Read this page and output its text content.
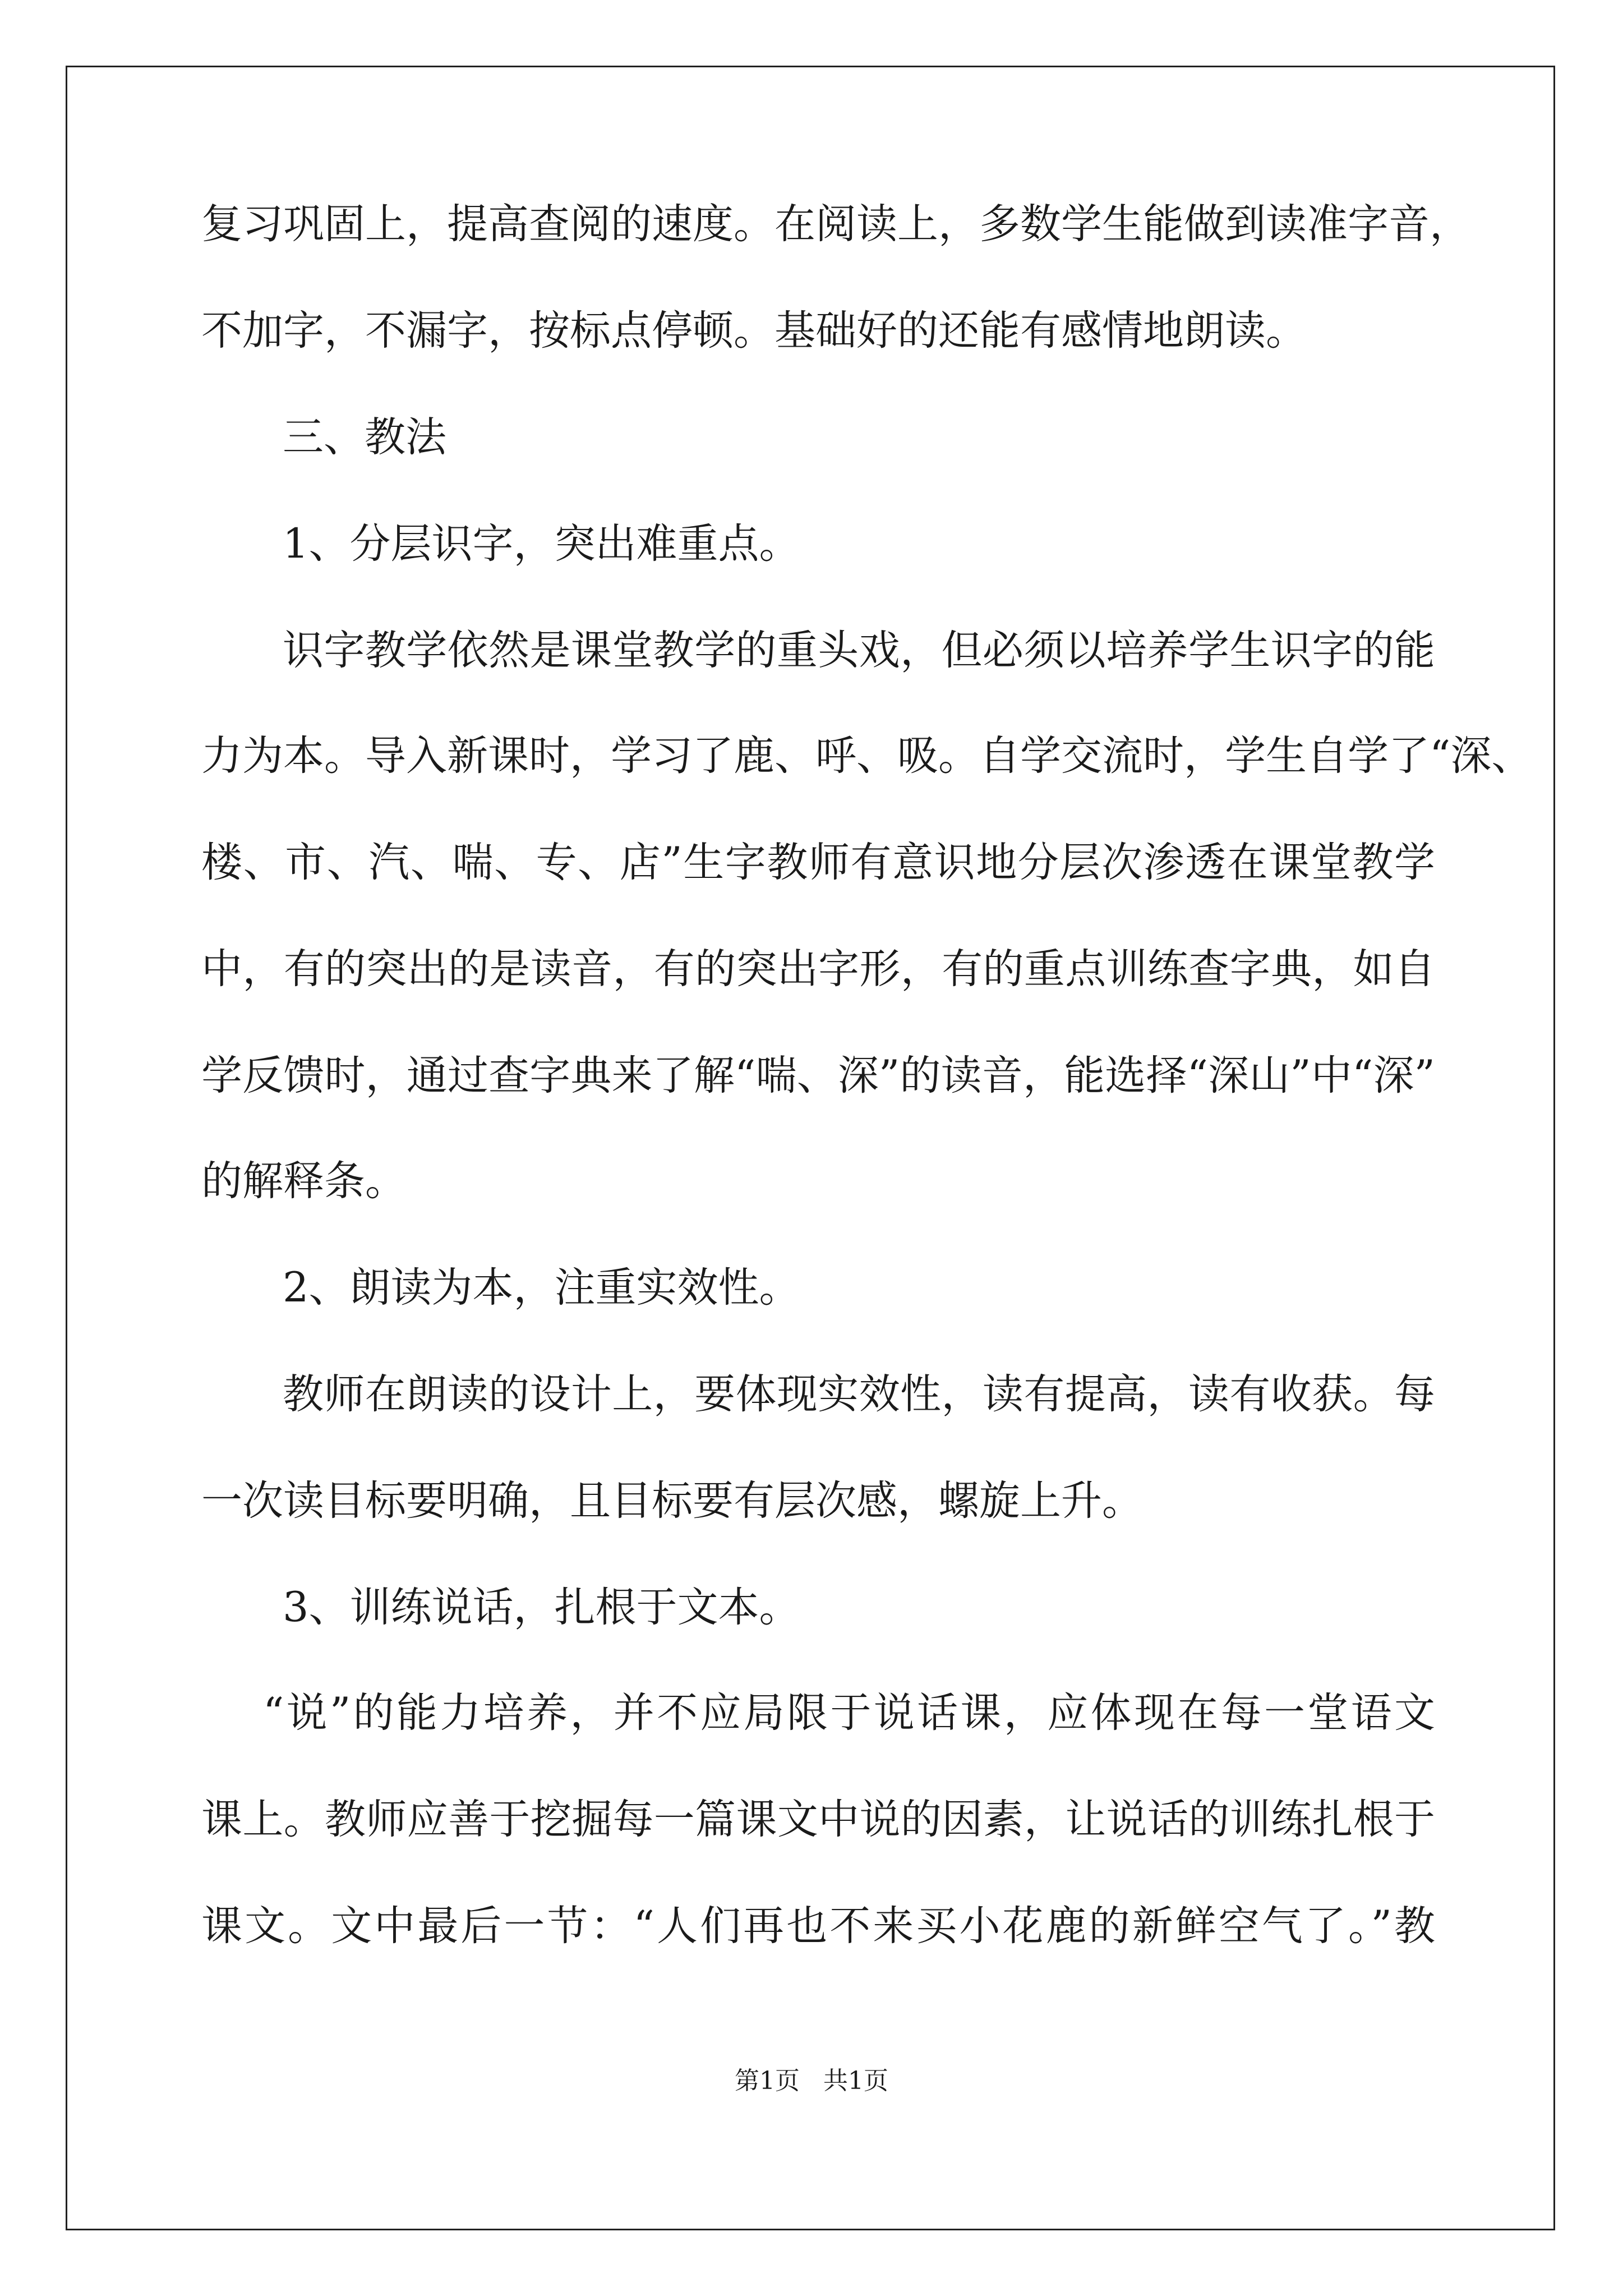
复习巩固上，提高查阅的速度。在阅读上，多数学生能做到读准字音，
不加字，不漏字，按标点停顿。基础好的还能有感情地朗读。
三、教法
1、分层识字，突出难重点。
识字教学依然是课堂教学的重头戏，但必须以培养学生识字的能
力为本。导入新课时，学习了鹿、呼、吸。自学交流时，学生自学了“深、
楼、市、汽、喘、专、店”生字教师有意识地分层次渗透在课堂教学
中，有的突出的是读音，有的突出字形，有的重点训练查字典，如自
学反馈时，通过查字典来了解“喘、深”的读音，能选择“深山”中“深”
的解释条。
2、朗读为本，注重实效性。
教师在朗读的设计上，要体现实效性，读有提高，读有收获。每
一次读目标要明确，且目标要有层次感，螺旋上升。
3、训练说话，扎根于文本。
“说”的能力培养，并不应局限于说话课，应体现在每一堂语文
课上。教师应善于挖掘每一篇课文中说的因素，让说话的训练扎根于
课文。文中最后一节：“人们再也不来买小花鹿的新鲜空气了。”教
第1页   共1页
